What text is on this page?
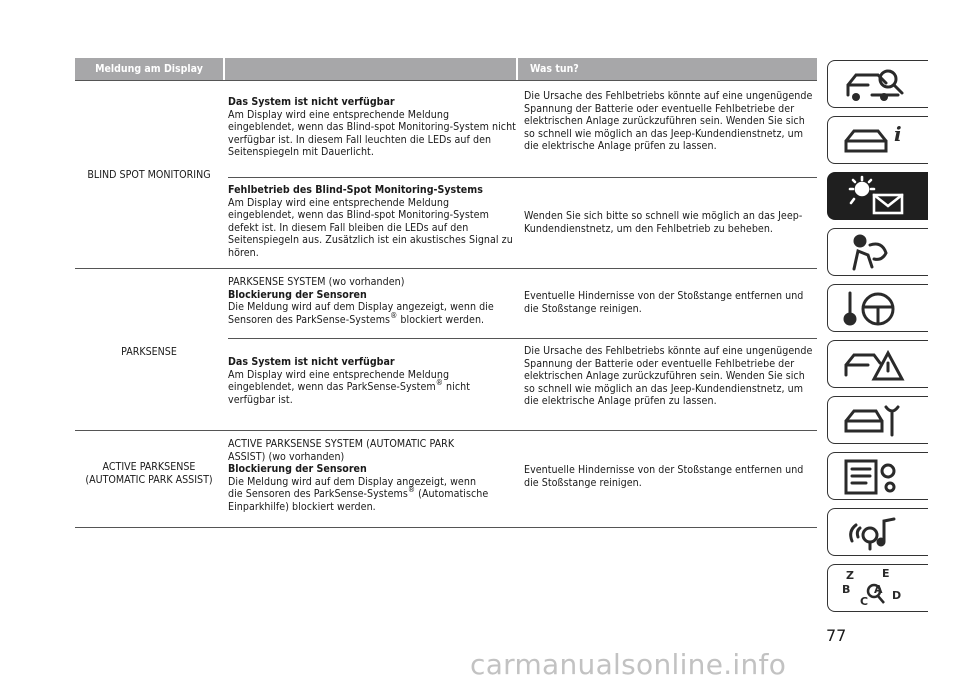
Meldung am Display	Was tun?
BLIND SPOT MONITORING
PARKSENSE
ACTIVE PARKSENSE (AUTOMATIC PARK ASSIST)
Das System ist nicht verfügbar
Am Display wird eine entsprechende Meldung eingeblendet, wenn das Blind-spot Monitoring-System nicht verfügbar ist. In diesem Fall leuchten die LEDs auf den Seitenspiegeln mit Dauerlicht.
Die Ursache des Fehlbetriebs könnte auf eine ungenügende Spannung der Batterie oder eventuelle Fehlbetriebe der elektrischen Anlage zurückzuführen sein. Wenden Sie sich so schnell wie möglich an das Jeep-Kundendienstnetz, um die elektrische Anlage prüfen zu lassen.
Fehlbetrieb des Blind-Spot Monitoring-Systems
Am Display wird eine entsprechende Meldung eingeblendet, wenn das Blind-spot Monitoring-System defekt ist. In diesem Fall bleiben die LEDs auf den Seitenspiegeln aus. Zusätzlich ist ein akustisches Signal zu hören.
Wenden Sie sich bitte so schnell wie möglich an das Jeep-Kundendienstnetz, um den Fehlbetrieb zu beheben.
PARKSENSE SYSTEM (wo vorhanden)
Blockierung der Sensoren
Die Meldung wird auf dem Display angezeigt, wenn die Sensoren des ParkSense-Systems® blockiert werden.
Eventuelle Hindernisse von der Stoßstange entfernen und die Stoßstange reinigen.
Das System ist nicht verfügbar
Am Display wird eine entsprechende Meldung eingeblendet, wenn das ParkSense-System® nicht verfügbar ist.
Die Ursache des Fehlbetriebs könnte auf eine ungenügende Spannung der Batterie oder eventuelle Fehlbetriebe der elektrischen Anlage zurückzuführen sein. Wenden Sie sich so schnell wie möglich an das Jeep-Kundendienstnetz, um die elektrische Anlage prüfen zu lassen.
ACTIVE PARKSENSE SYSTEM (AUTOMATIC PARK ASSIST) (wo vorhanden)
Blockierung der Sensoren
Die Meldung wird auf dem Display angezeigt, wenn die Sensoren des ParkSense-Systems® (Automatische Einparkhilfe) blockiert werden.
Eventuelle Hindernisse von der Stoßstange entfernen und die Stoßstange reinigen.
i
Z	E
B
C
A D
77
carmanualsonline.info
